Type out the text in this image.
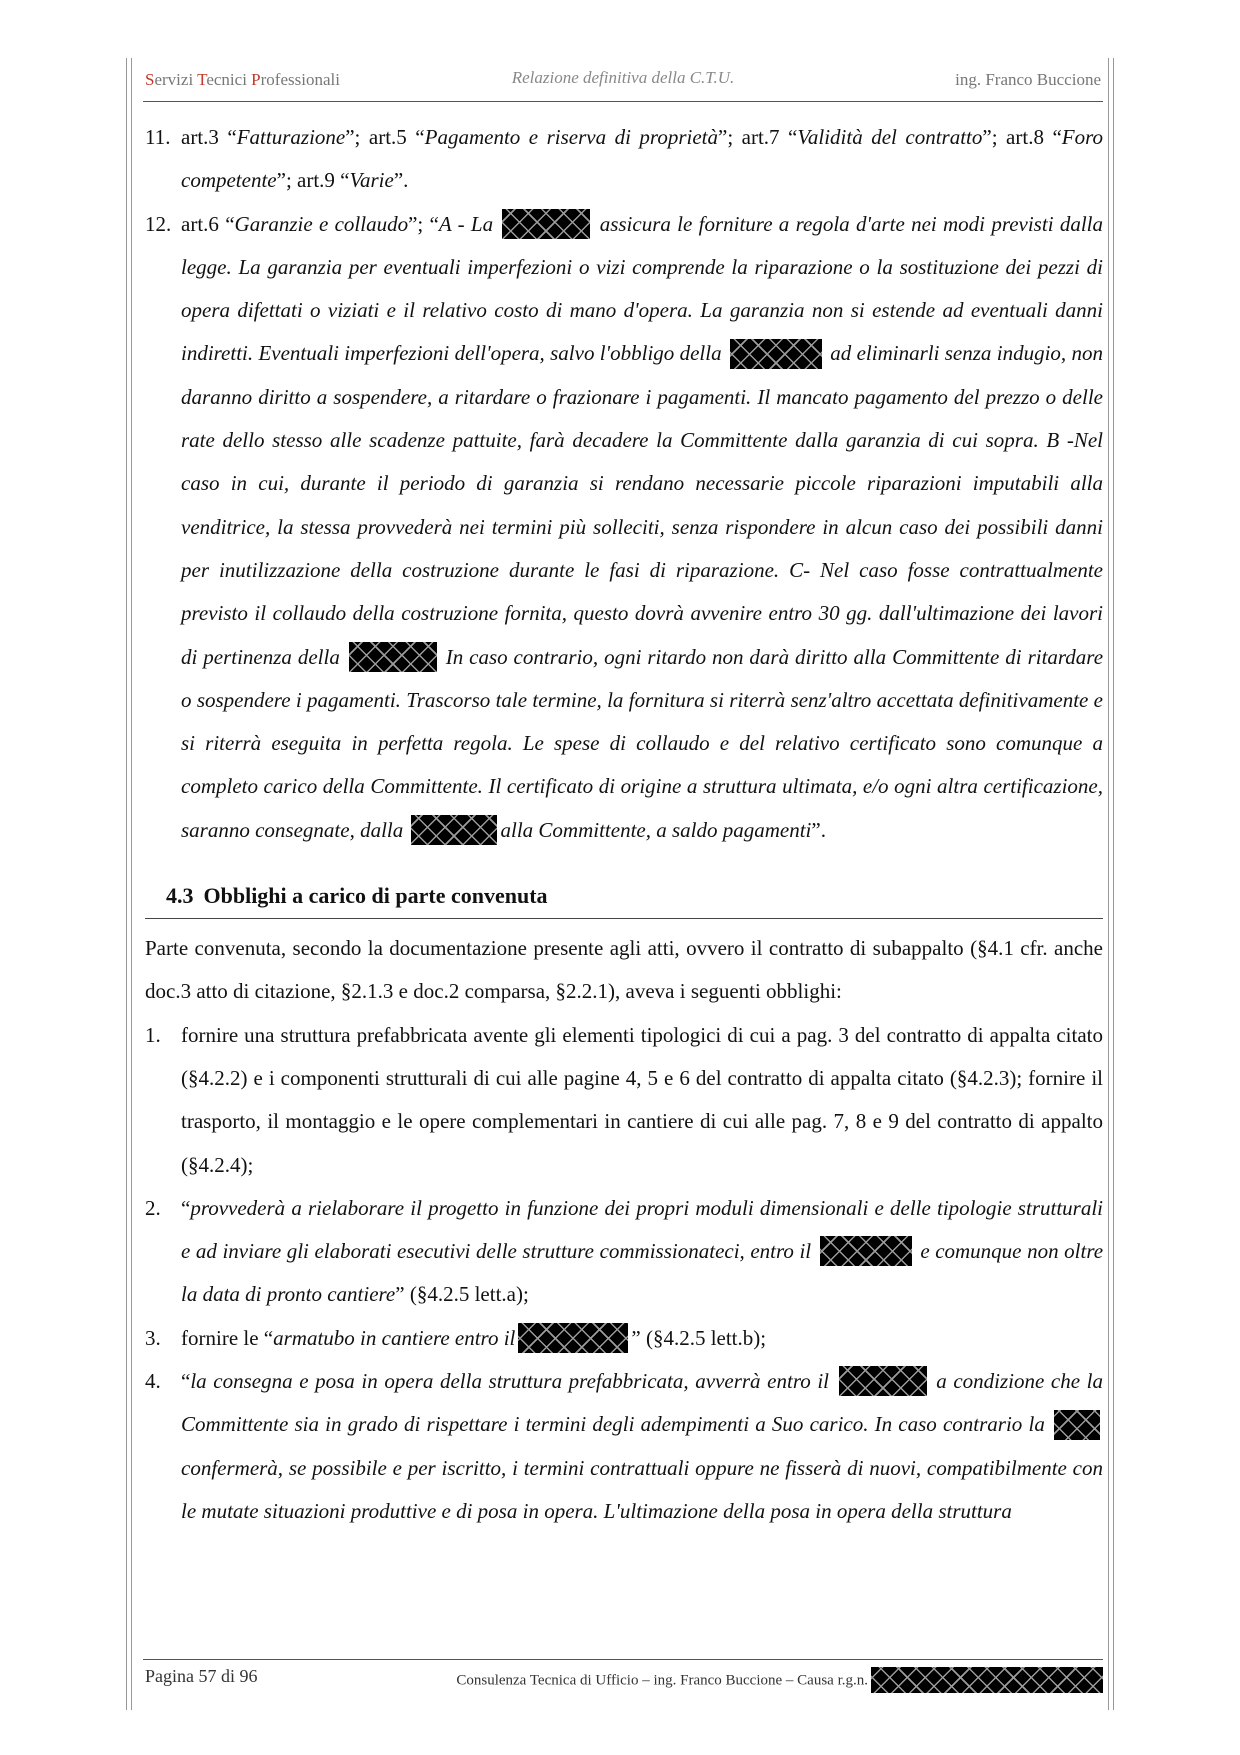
Servizi Tecnici Professionali	Relazione definitiva della C.T.U.	ing. Franco Buccione
11. art.3 “Fatturazione”; art.5 “Pagamento e riserva di proprietà”; art.7 “Validità del contratto”; art.8 “Foro competente”; art.9 “Varie”.
12. art.6 “Garanzie e collaudo”; “A - La	assicura le forniture a regola d'arte nei modi previsti dalla legge. La garanzia per eventuali imperfezioni o vizi comprende la riparazione o la sostituzione dei pezzi di opera difettati o viziati e il relativo costo di mano d'opera. La garanzia non si estende ad eventuali danni indiretti. Eventuali imperfezioni dell'opera, salvo l'obbligo della	ad eliminarli senza indugio, non daranno diritto a sospendere, a ritardare o frazionare i pagamenti. Il mancato pagamento del prezzo o delle rate dello stesso alle scadenze pattuite, farà decadere la Committente dalla garanzia di cui sopra. B -Nel caso in cui, durante il periodo di garanzia si rendano necessarie piccole riparazioni imputabili alla venditrice, la stessa provvederà nei termini più solleciti, senza rispondere in alcun caso dei possibili danni per inutilizzazione della costruzione durante le fasi di riparazione. C- Nel caso fosse contrattualmente previsto il collaudo della costruzione fornita, questo dovrà avvenire entro 30 gg. dall'ultimazione dei lavori di pertinenza della	In caso contrario, ogni ritardo non darà diritto alla Committente di ritardare o sospendere i pagamenti. Trascorso tale termine, la fornitura si riterrà senz'altro accettata definitivamente e si riterrà eseguita in perfetta regola. Le spese di collaudo e del relativo certificato sono comunque a completo carico della Committente. Il certificato di origine a struttura ultimata, e/o ogni altra certificazione, saranno consegnate, dalla	alla Committente, a saldo pagamenti”.
4.3 Obblighi a carico di parte convenuta
Parte convenuta, secondo la documentazione presente agli atti, ovvero il contratto di subappalto (§4.1 cfr. anche doc.3 atto di citazione, §2.1.3 e doc.2 comparsa, §2.2.1), aveva i seguenti obblighi:
1. fornire una struttura prefabbricata avente gli elementi tipologici di cui a pag. 3 del contratto di appalta citato (§4.2.2) e i componenti strutturali di cui alle pagine 4, 5 e 6 del contratto di appalta citato (§4.2.3); fornire il trasporto, il montaggio e le opere complementari in cantiere di cui alle pag. 7, 8 e 9 del contratto di appalto (§4.2.4);
2. “provvederà a rielaborare il progetto in funzione dei propri moduli dimensionali e delle tipologie strutturali e ad inviare gli elaborati esecutivi delle strutture commissionateci, entro il	e comunque non oltre la data di pronto cantiere” (§4.2.5 lett.a);
3. fornire le “armatubo in cantiere entro il	” (§4.2.5 lett.b);
4. “la consegna e posa in opera della struttura prefabbricata, avverrà entro il	a condizione che la Committente sia in grado di rispettare i termini degli adempimenti a Suo carico. In caso contrario la  confermerà, se possibile e per iscritto, i termini contrattuali oppure ne fisserà di nuovi, compatibilmente con le mutate situazioni produttive e di posa in opera. L'ultimazione della posa in opera della struttura
Pagina 57 di 96	Consulenza Tecnica di Ufficio – ing. Franco Buccione – Causa r.g.n.
